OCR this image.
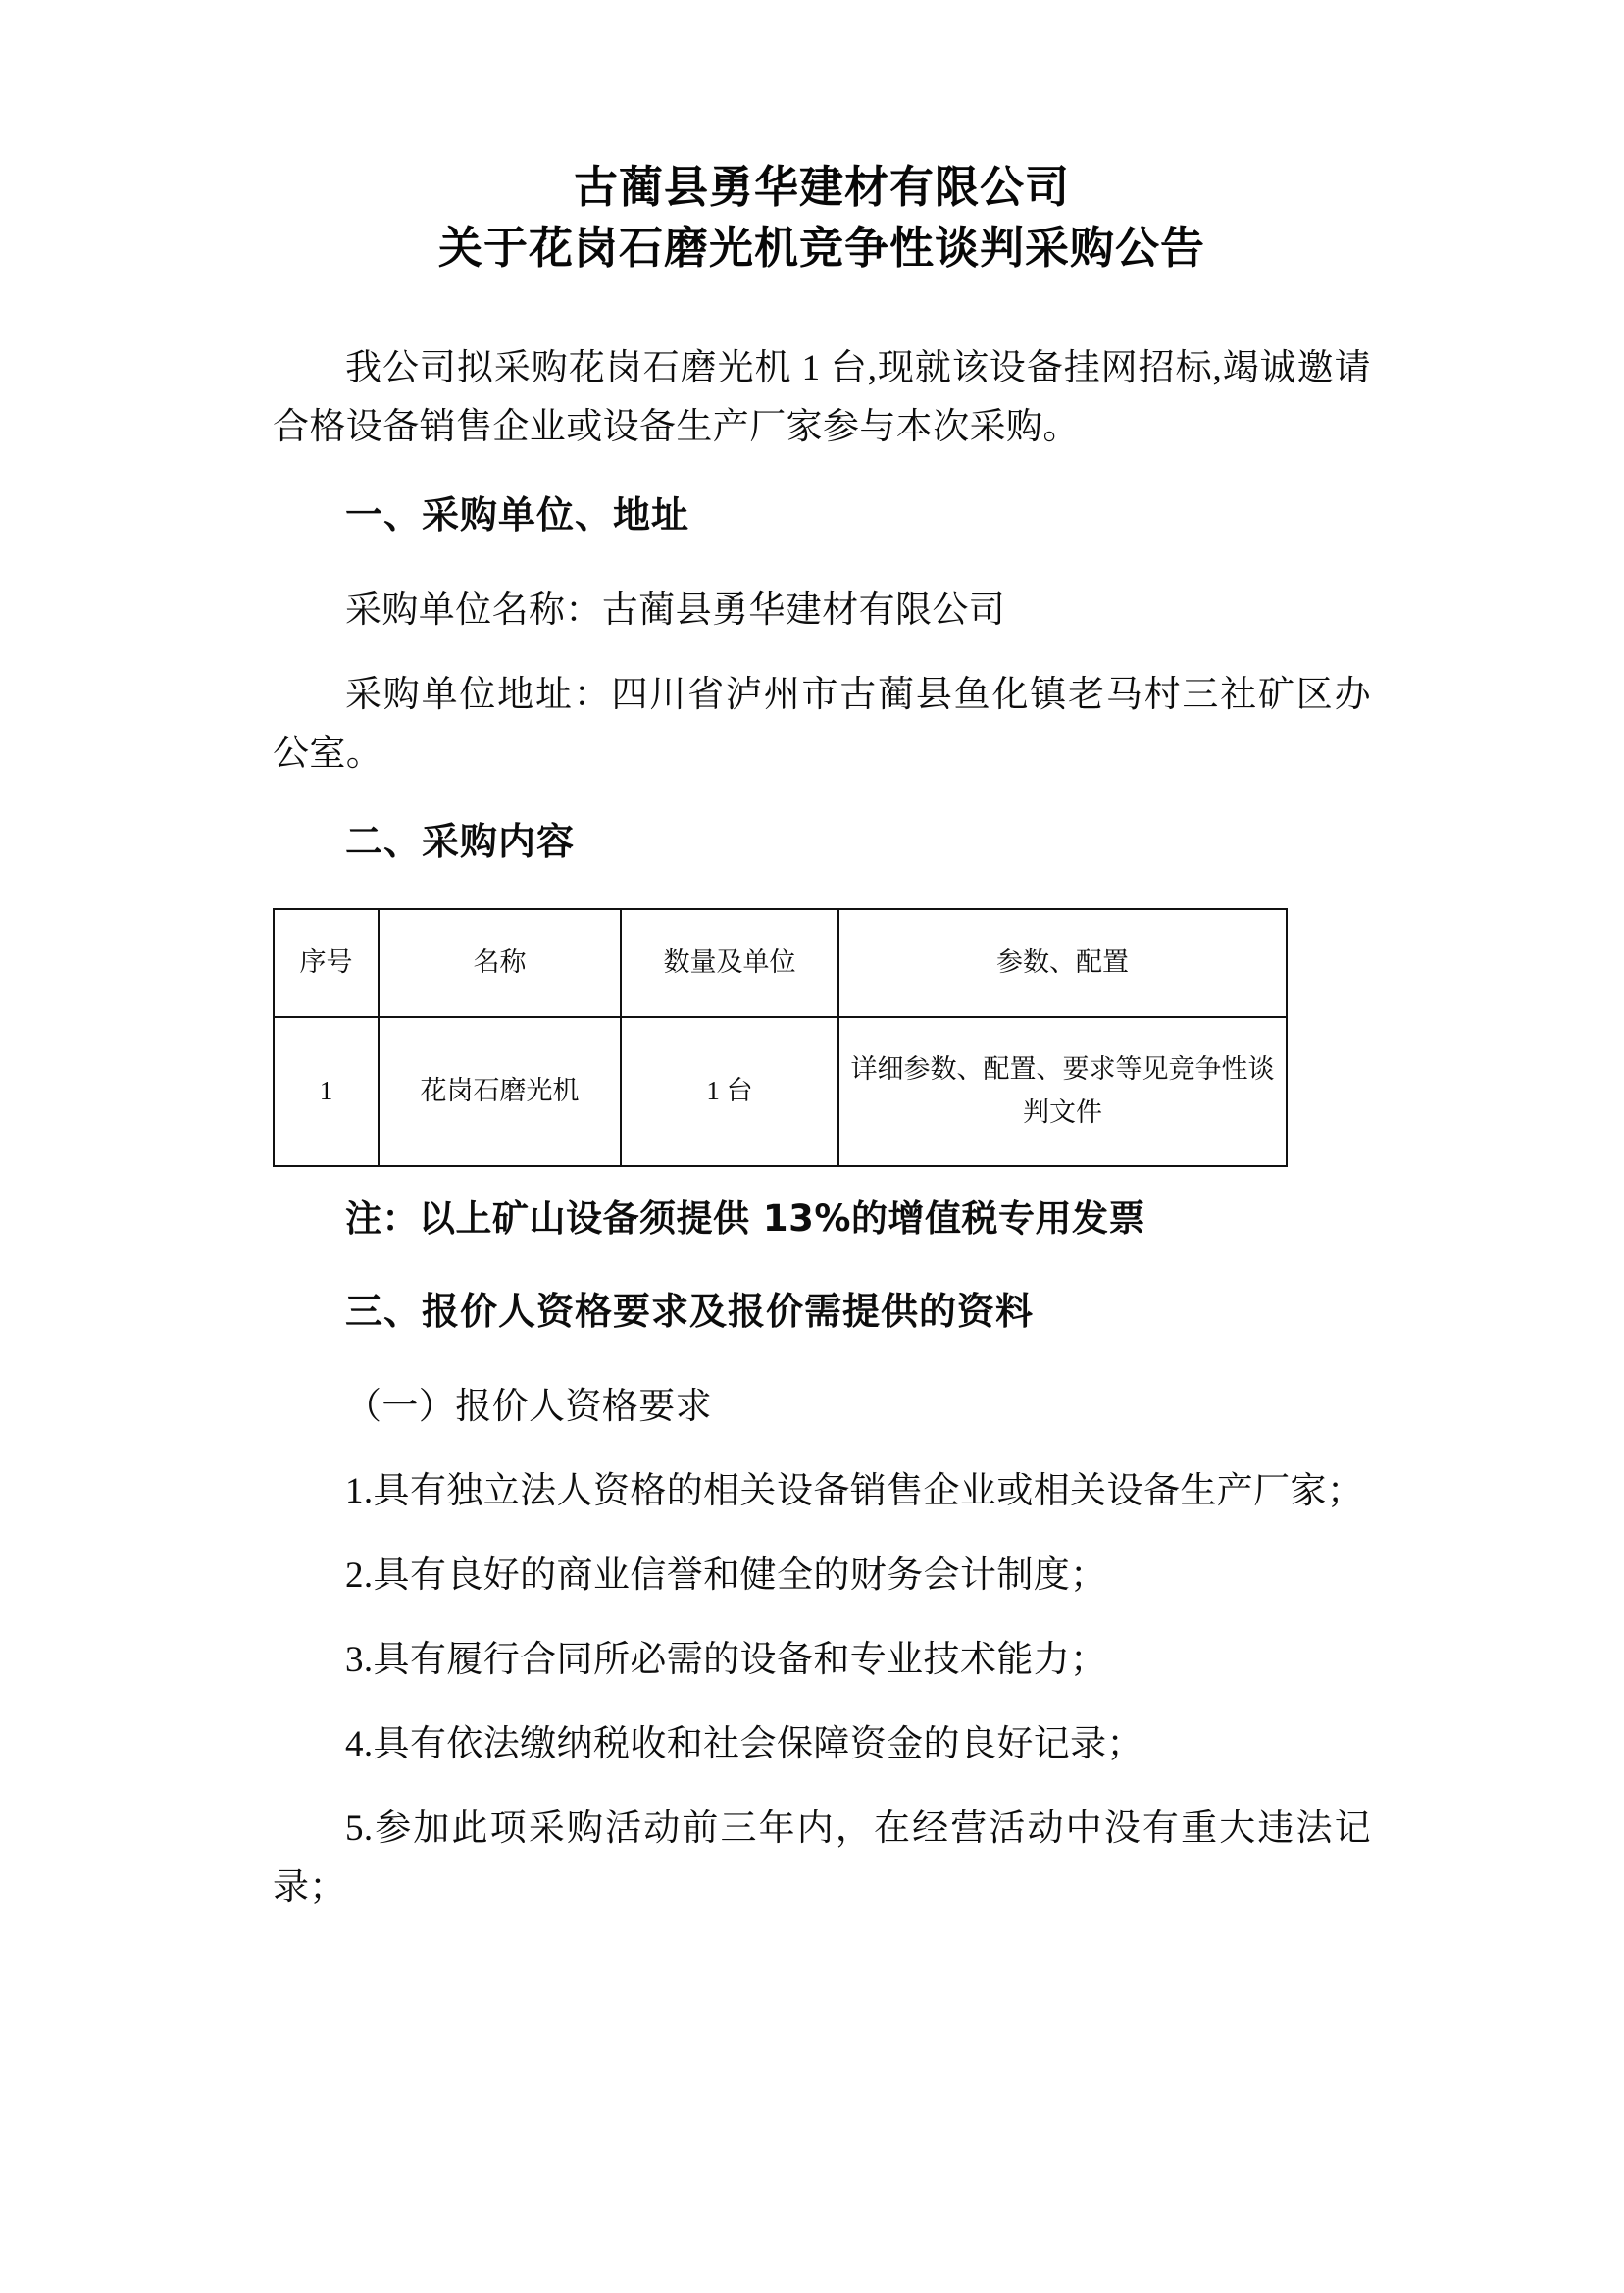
古蔺县勇华建材有限公司
关于花岗石磨光机竞争性谈判采购公告

我公司拟采购花岗石磨光机 1 台,现就该设备挂网招标,竭诚邀请合格设备销售企业或设备生产厂家参与本次采购。

一、采购单位、地址

采购单位名称：古蔺县勇华建材有限公司

采购单位地址：四川省泸州市古蔺县鱼化镇老马村三社矿区办公室。

二、采购内容

序号	名称	数量及单位	参数、配置
1	花岗石磨光机	1 台	详细参数、配置、要求等见竞争性谈判文件

注：以上矿山设备须提供 13%的增值税专用发票

三、报价人资格要求及报价需提供的资料

（一）报价人资格要求

1.具有独立法人资格的相关设备销售企业或相关设备生产厂家；

2.具有良好的商业信誉和健全的财务会计制度；

3.具有履行合同所必需的设备和专业技术能力；

4.具有依法缴纳税收和社会保障资金的良好记录；

5.参加此项采购活动前三年内，在经营活动中没有重大违法记录；
